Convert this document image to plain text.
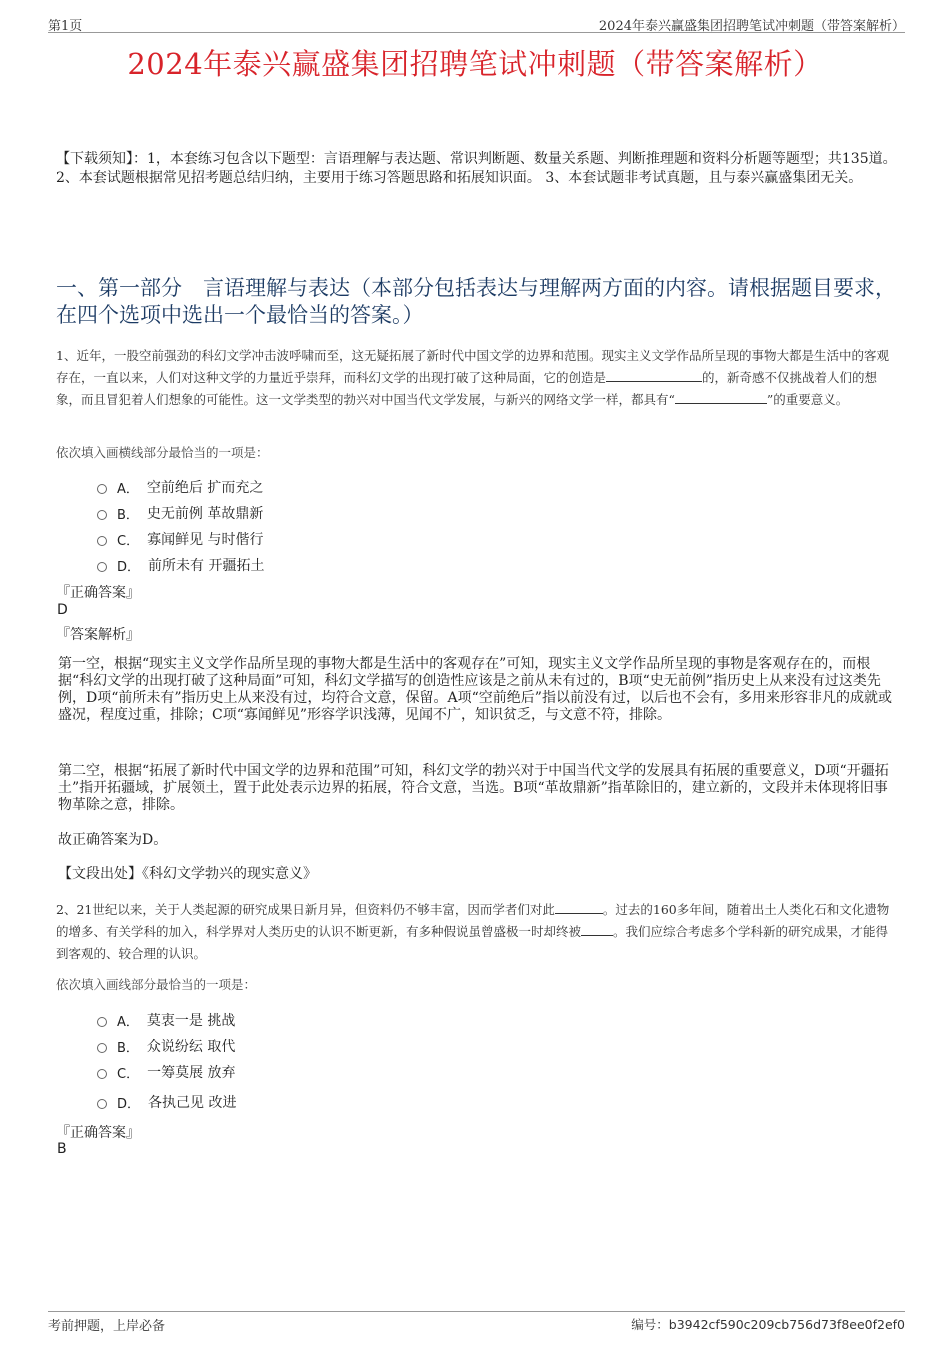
第1页	2024年泰兴赢盛集团招聘笔试冲刺题（带答案解析）
2024年泰兴赢盛集团招聘笔试冲刺题（带答案解析）
【下载须知】：1，本套练习包含以下题型：言语理解与表达题、常识判断题、数量关系题、判断推理题和资料分析题等题型；共135道。 2、本套试题根据常见招考题总结归纳，主要用于练习答题思路和拓展知识面。 3、本套试题非考试真题，且与泰兴赢盛集团无关。
一、第一部分　言语理解与表达（本部分包括表达与理解两方面的内容。请根据题目要求，在四个选项中选出一个最恰当的答案。）
1、近年，一股空前强劲的科幻文学冲击波呼啸而至，这无疑拓展了新时代中国文学的边界和范围。现实主义文学作品所呈现的事物大都是生活中的客观存在，一直以来，人们对这种文学的力量近乎崇拜，而科幻文学的出现打破了这种局面，它的创造是	的，新奇感不仅挑战着人们的想象，而且冒犯着人们想象的可能性。这一文学类型的勃兴对中国当代文学发展，与新兴的网络文学一样，都具有“	”的重要意义。
依次填入画横线部分最恰当的一项是：
A． 空前绝后 扩而充之
B． 史无前例 革故鼎新
C． 寡闻鲜见 与时偕行
D． 前所未有 开疆拓土
『正确答案』
D
『答案解析』
第一空，根据“现实主义文学作品所呈现的事物大都是生活中的客观存在”可知，现实主义文学作品所呈现的事物是客观存在的，而根据“科幻文学的出现打破了这种局面”可知，科幻文学描写的创造性应该是之前从未有过的，B项“史无前例”指历史上从来没有过这类先例，D项“前所未有”指历史上从来没有过，均符合文意，保留。A项“空前绝后”指以前没有过，以后也不会有，多用来形容非凡的成就或盛况，程度过重，排除；C项“寡闻鲜见”形容学识浅薄，见闻不广，知识贫乏，与文意不符，排除。
第二空，根据“拓展了新时代中国文学的边界和范围”可知，科幻文学的勃兴对于中国当代文学的发展具有拓展的重要意义，D项“开疆拓土”指开拓疆域，扩展领土，置于此处表示边界的拓展，符合文意，当选。B项“革故鼎新”指革除旧的，建立新的，文段并未体现将旧事物革除之意，排除。
故正确答案为D。
【文段出处】《科幻文学勃兴的现实意义》
2、21世纪以来，关于人类起源的研究成果日新月异，但资料仍不够丰富，因而学者们对此	。过去的160多年间，随着出土人类化石和文化遗物的增多、有关学科的加入，科学界对人类历史的认识不断更新，有多种假说虽曾盛极一时却终被	。我们应综合考虑多个学科新的研究成果，才能得到客观的、较合理的认识。
依次填入画线部分最恰当的一项是：
A． 莫衷一是 挑战
B． 众说纷纭 取代
C． 一筹莫展 放弃
D． 各执己见 改进
『正确答案』
B
考前押题，上岸必备	编号：b3942cf590c209cb756d73f8ee0f2ef0
